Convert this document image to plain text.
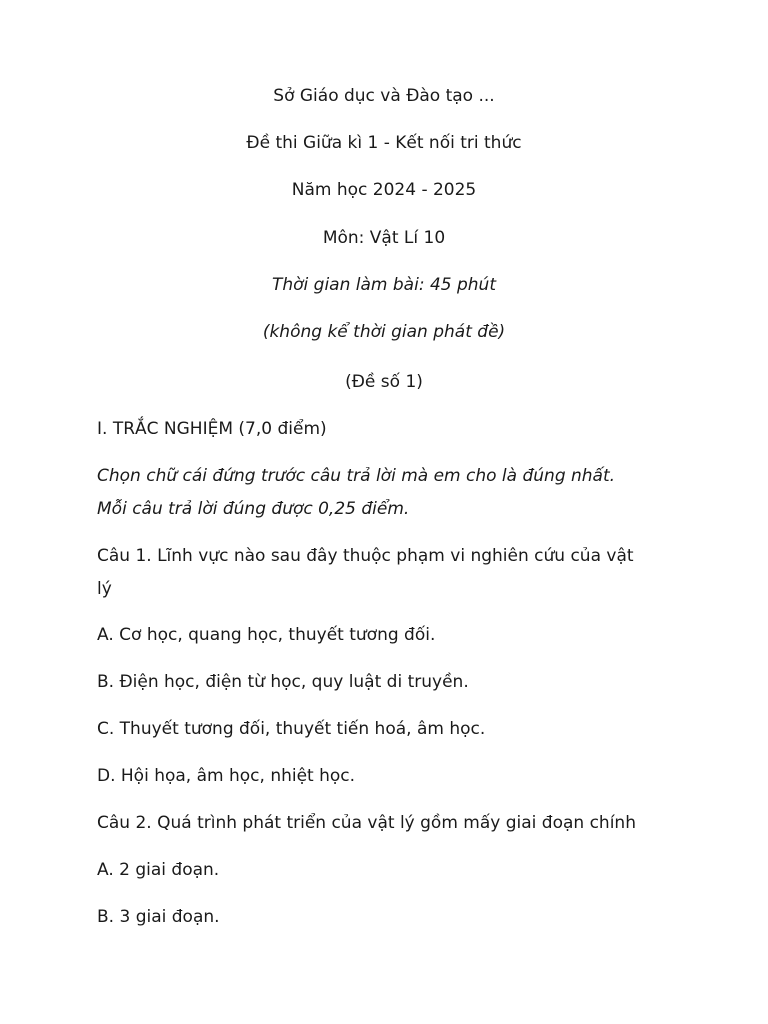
Sở Giáo dục và Đào tạo ...
Đề thi Giữa kì 1 - Kết nối tri thức
Năm học 2024 - 2025
Môn: Vật Lí 10
Thời gian làm bài: 45 phút
(không kể thời gian phát đề)
(Đề số 1)
I. TRẮC NGHIỆM (7,0 điểm)
Chọn chữ cái đứng trước câu trả lời mà em cho là đúng nhất.
Mỗi câu trả lời đúng được 0,25 điểm.
Câu 1. Lĩnh vực nào sau đây thuộc phạm vi nghiên cứu của vật
lý
A. Cơ học, quang học, thuyết tương đối.
B. Điện học, điện từ học, quy luật di truyền.
C. Thuyết tương đối, thuyết tiến hoá, âm học.
D. Hội họa, âm học, nhiệt học.
Câu 2. Quá trình phát triển của vật lý gồm mấy giai đoạn chính
A. 2 giai đoạn.
B. 3 giai đoạn.
